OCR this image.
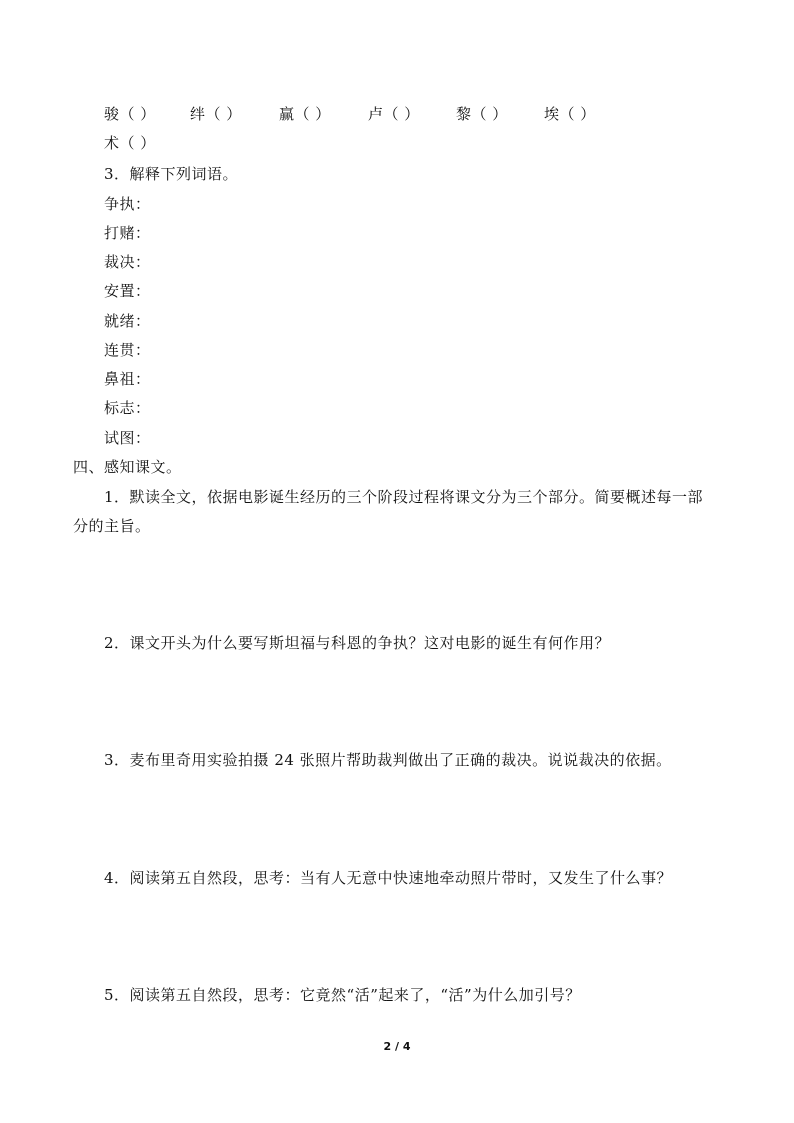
骏（ ） 绊（ ） 赢（ ） 卢（ ） 黎（ ） 埃（ ）
术（ ）
3．解释下列词语。
争执：
打赌：
裁决：
安置：
就绪：
连贯：
鼻祖：
标志：
试图：
四、感知课文。
1．默读全文，依据电影诞生经历的三个阶段过程将课文分为三个部分。简要概述每一部
分的主旨。
2．课文开头为什么要写斯坦福与科恩的争执？这对电影的诞生有何作用？
3．麦布里奇用实验拍摄 24 张照片帮助裁判做出了正确的裁决。说说裁决的依据。
4．阅读第五自然段，思考：当有人无意中快速地牵动照片带时，又发生了什么事？
5．阅读第五自然段，思考：它竟然“活”起来了，“活”为什么加引号？
2 / 4
